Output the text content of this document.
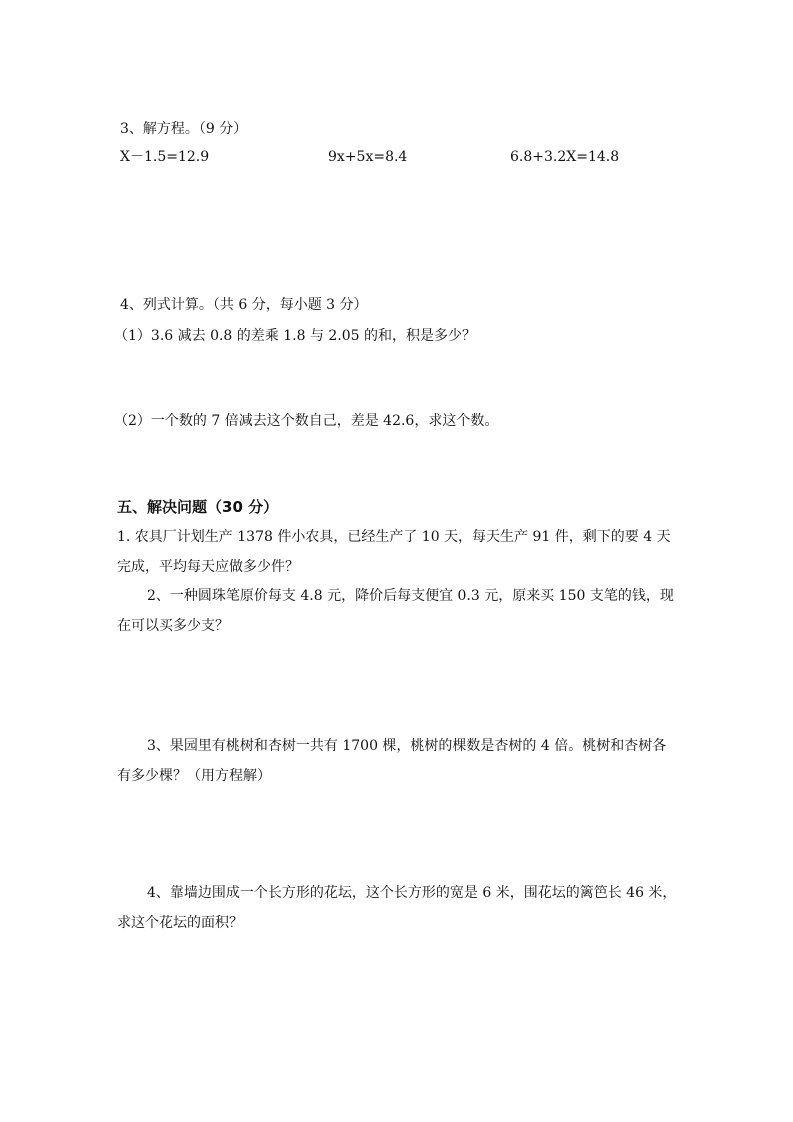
3、解方程。（9 分）
X－1.5=12.9	9x+5x=8.4	6.8+3.2X=14.8
4、列式计算。（共 6 分，每小题 3 分）
（1）3.6 减去 0.8 的差乘 1.8 与 2.05 的和，积是多少？
（2）一个数的 7 倍减去这个数自己，差是 42.6，求这个数。
五、解决问题（30 分）
1. 农具厂计划生产 1378 件小农具，已经生产了 10 天，每天生产 91 件，剩下的要 4 天完成，平均每天应做多少件？
2、一种圆珠笔原价每支 4.8 元，降价后每支便宜 0.3 元，原来买 150 支笔的钱，现在可以买多少支？
3、果园里有桃树和杏树一共有 1700 棵，桃树的棵数是杏树的 4 倍。桃树和杏树各有多少棵？（用方程解）
4、靠墙边围成一个长方形的花坛，这个长方形的宽是 6 米，围花坛的篱笆长 46 米，求这个花坛的面积？
